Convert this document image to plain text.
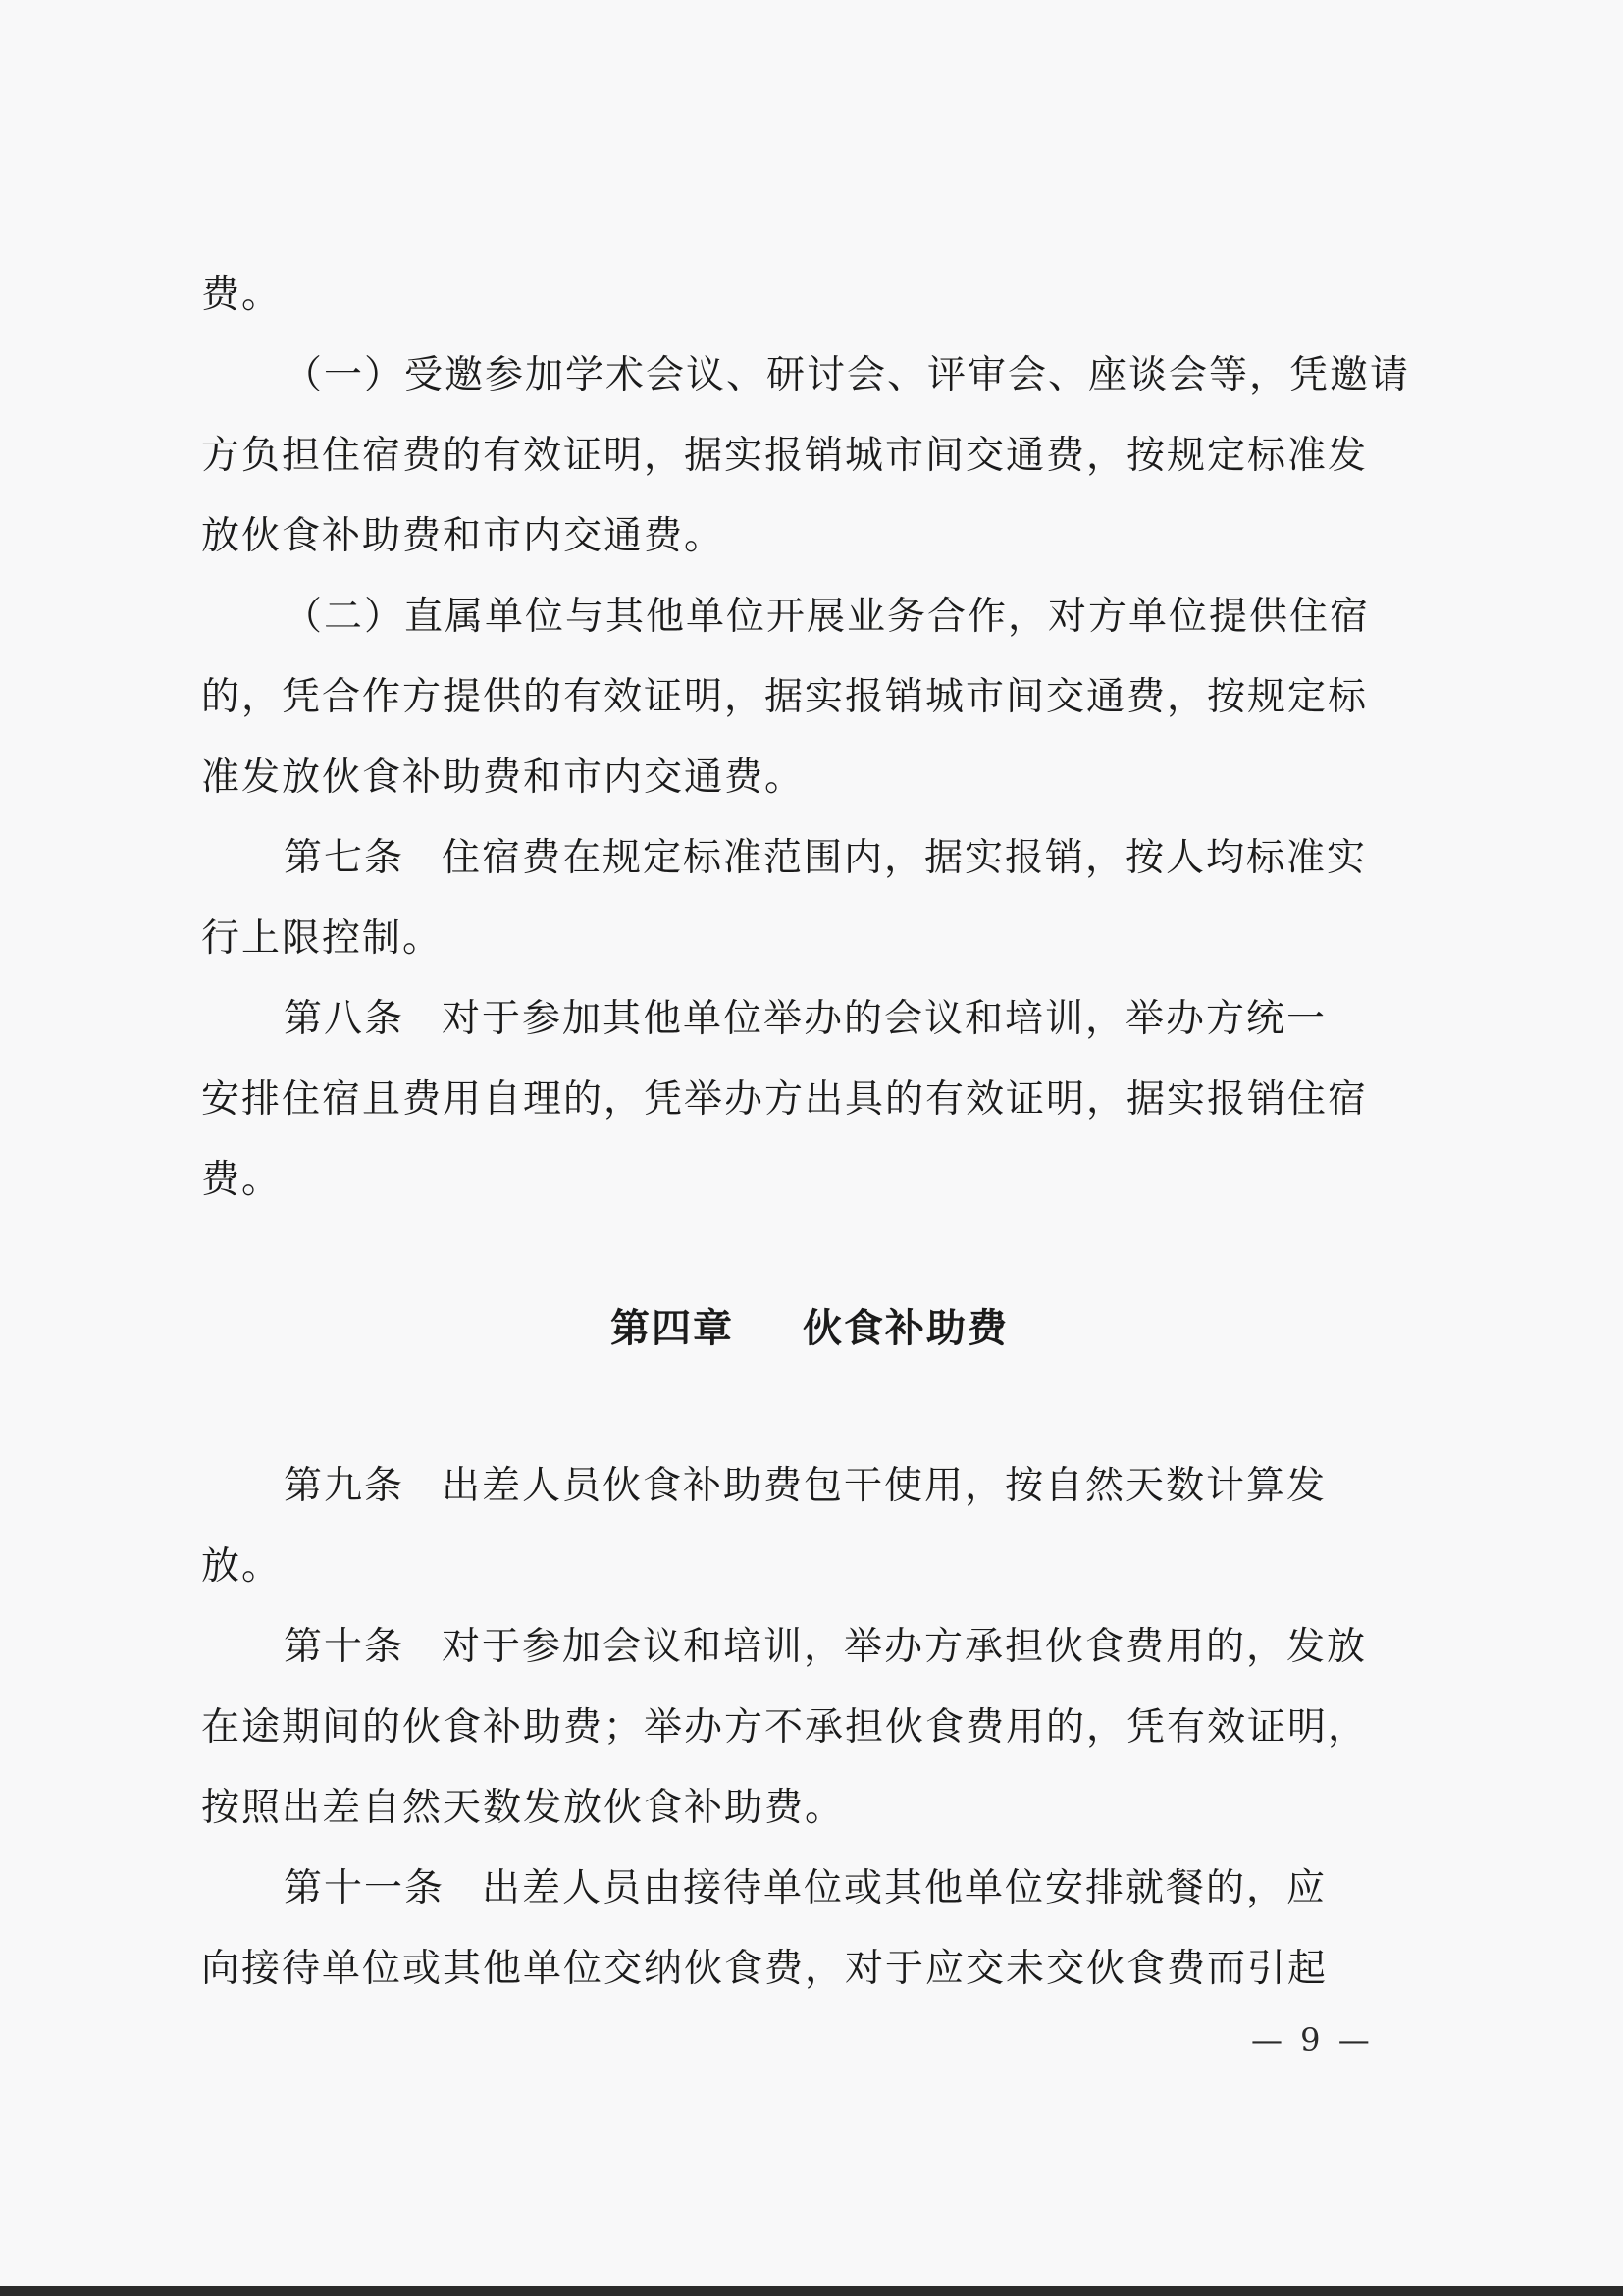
费。
（一）受邀参加学术会议、研讨会、评审会、座谈会等，凭邀请
方负担住宿费的有效证明，据实报销城市间交通费，按规定标准发
放伙食补助费和市内交通费。
（二）直属单位与其他单位开展业务合作，对方单位提供住宿
的，凭合作方提供的有效证明，据实报销城市间交通费，按规定标
准发放伙食补助费和市内交通费。
第七条 住宿费在规定标准范围内，据实报销，按人均标准实
行上限控制。
第八条 对于参加其他单位举办的会议和培训，举办方统一
安排住宿且费用自理的，凭举办方出具的有效证明，据实报销住宿
费。
第四章 伙食补助费
第九条 出差人员伙食补助费包干使用，按自然天数计算发
放。
第十条 对于参加会议和培训，举办方承担伙食费用的，发放
在途期间的伙食补助费；举办方不承担伙食费用的，凭有效证明，
按照出差自然天数发放伙食补助费。
第十一条 出差人员由接待单位或其他单位安排就餐的，应
向接待单位或其他单位交纳伙食费，对于应交未交伙食费而引起
— 9 —
